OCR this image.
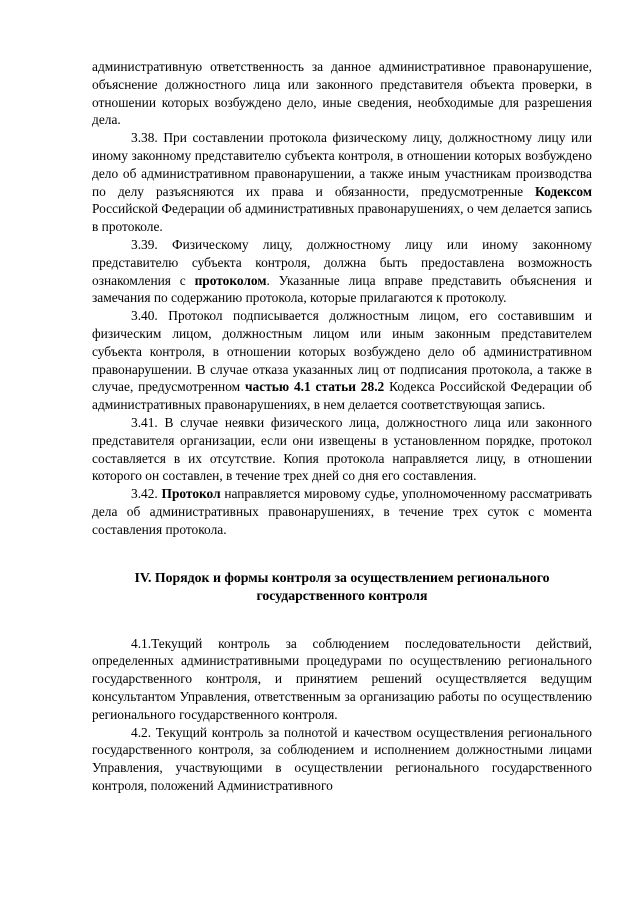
административную ответственность за данное административное правонарушение, объяснение должностного лица или законного представителя объекта проверки, в отношении которых возбуждено дело, иные сведения, необходимые для разрешения дела.

3.38. При составлении протокола физическому лицу, должностному лицу или иному законному представителю субъекта контроля, в отношении которых возбуждено дело об административном правонарушении, а также иным участникам производства по делу разъясняются их права и обязанности, предусмотренные Кодексом Российской Федерации об административных правонарушениях, о чем делается запись в протоколе.

3.39. Физическому лицу, должностному лицу или иному законному представителю субъекта контроля, должна быть предоставлена возможность ознакомления с протоколом. Указанные лица вправе представить объяснения и замечания по содержанию протокола, которые прилагаются к протоколу.

3.40. Протокол подписывается должностным лицом, его составившим и физическим лицом, должностным лицом или иным законным представителем субъекта контроля, в отношении которых возбуждено дело об административном правонарушении. В случае отказа указанных лиц от подписания протокола, а также в случае, предусмотренном частью 4.1 статьи 28.2 Кодекса Российской Федерации об административных правонарушениях, в нем делается соответствующая запись.

3.41. В случае неявки физического лица, должностного лица или законного представителя организации, если они извещены в установленном порядке, протокол составляется в их отсутствие. Копия протокола направляется лицу, в отношении которого он составлен, в течение трех дней со дня его составления.

3.42. Протокол направляется мировому судье, уполномоченному рассматривать дела об административных правонарушениях, в течение трех суток с момента составления протокола.

IV. Порядок и формы контроля за осуществлением регионального
государственного контроля

4.1.Текущий контроль за соблюдением последовательности действий, определенных административными процедурами по осуществлению регионального государственного контроля, и принятием решений осуществляется ведущим консультантом Управления, ответственным за организацию работы по осуществлению регионального государственного контроля.

4.2. Текущий контроль за полнотой и качеством осуществления регионального государственного контроля, за соблюдением и исполнением должностными лицами Управления, участвующими в осуществлении регионального государственного контроля, положений Административного
